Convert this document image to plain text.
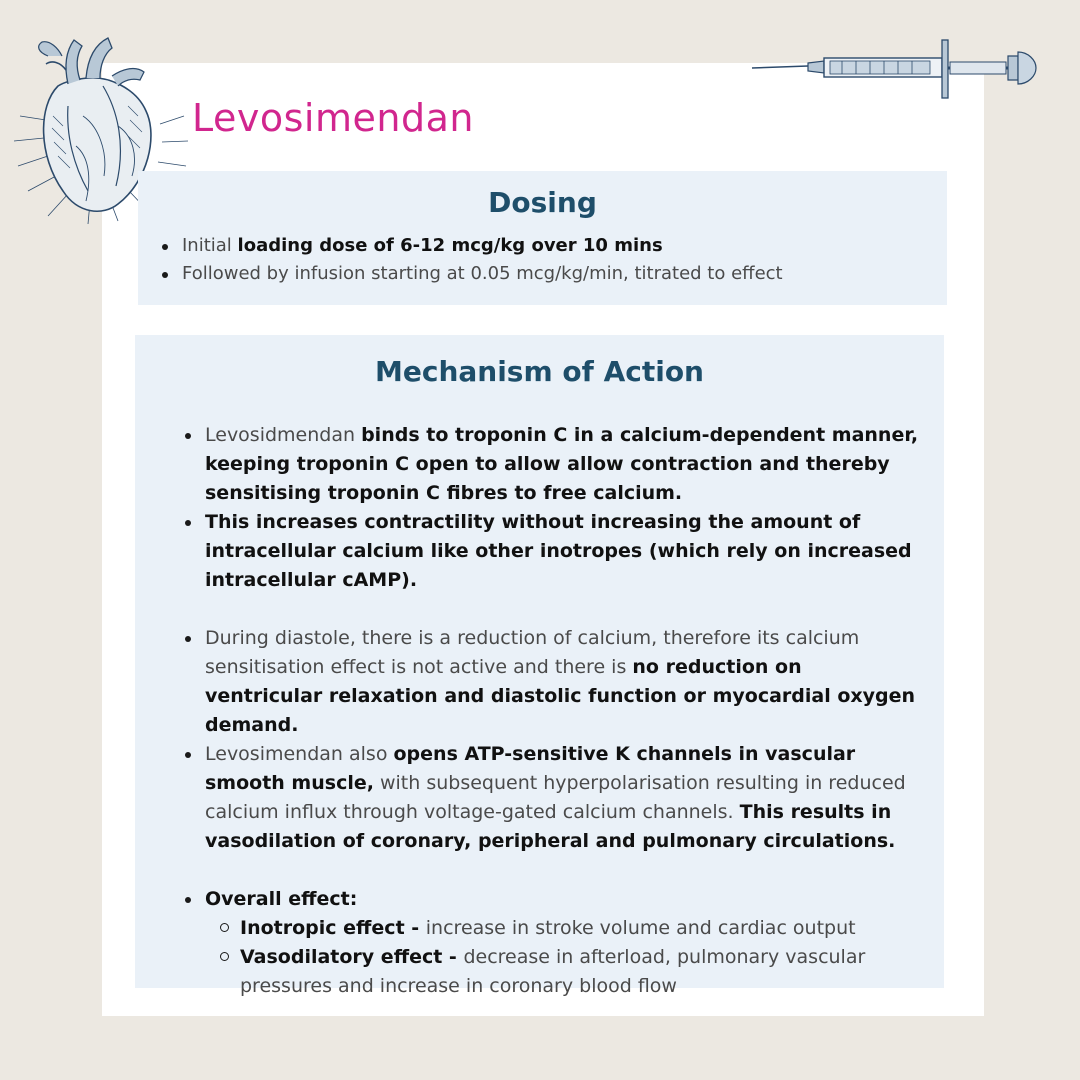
Levosimendan
Dosing
Initial loading dose of 6-12 mcg/kg over 10 mins
Followed by infusion starting at 0.05 mcg/kg/min, titrated to effect
Mechanism of Action
Levosidmendan binds to troponin C in a calcium-dependent manner, keeping troponin C open to allow allow contraction and thereby sensitising troponin C fibres to free calcium.
This increases contractility without increasing the amount of intracellular calcium like other inotropes (which rely on increased intracellular cAMP).
During diastole, there is a reduction of calcium, therefore its calcium sensitisation effect is not active and there is no reduction on ventricular relaxation and diastolic function or myocardial oxygen demand.
Levosimendan also opens ATP-sensitive K channels in vascular smooth muscle, with subsequent hyperpolarisation resulting in reduced calcium influx through voltage-gated calcium channels. This results in vasodilation of coronary, peripheral and pulmonary circulations.
Overall effect:
Inotropic effect - increase in stroke volume and cardiac output
Vasodilatory effect - decrease in afterload, pulmonary vascular pressures and increase in coronary blood flow
